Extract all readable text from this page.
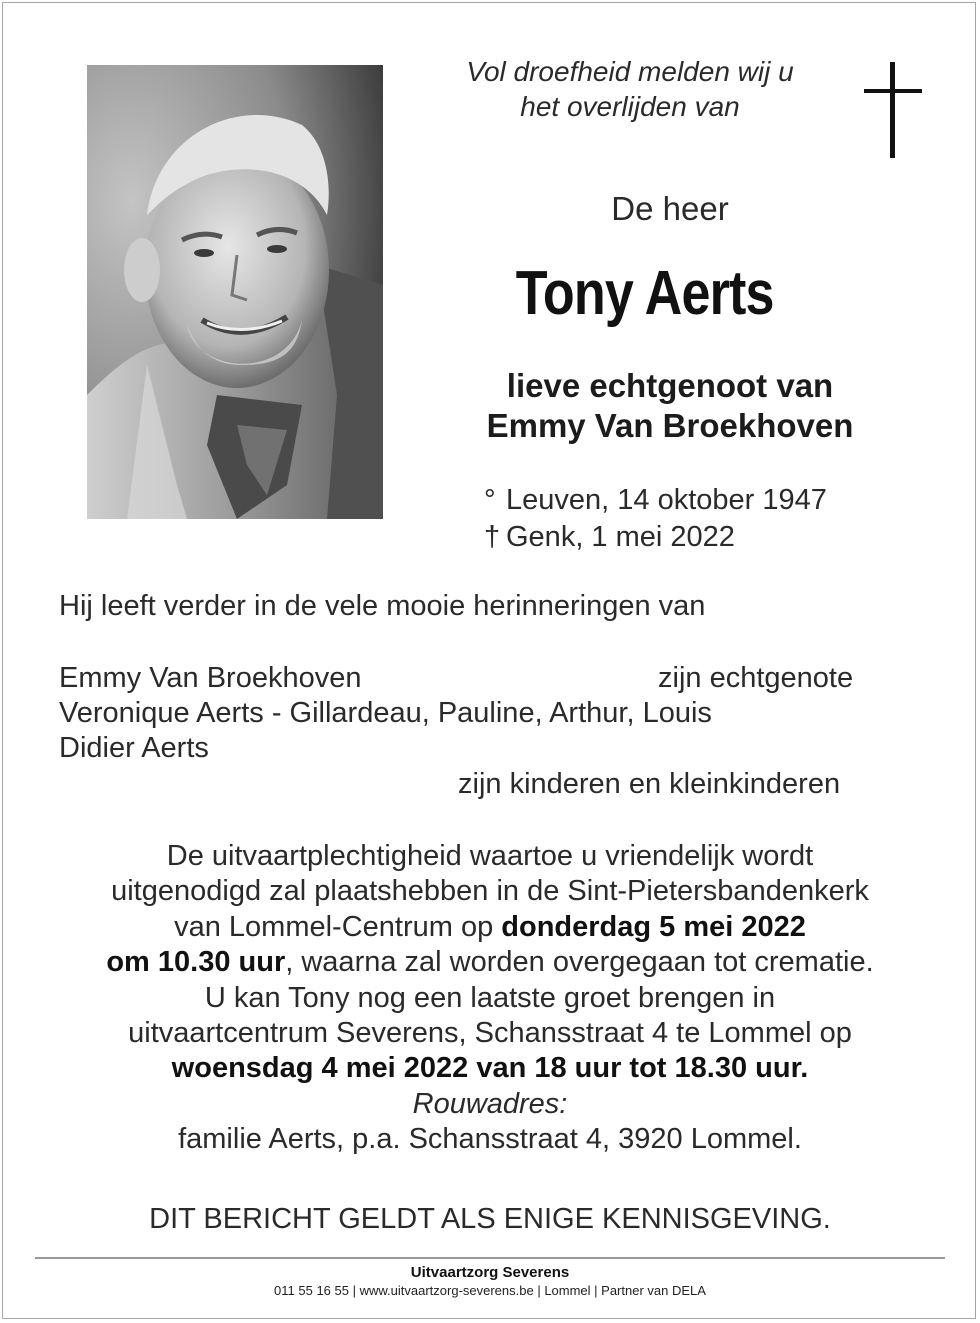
Vol droefheid melden wij u
het overlijden van
De heer
Tony Aerts
lieve echtgenoot van
Emmy Van Broekhoven
° Leuven, 14 oktober 1947
† Genk, 1 mei 2022
Hij leeft verder in de vele mooie herinneringen van
Emmy Van Broekhoven	zijn echtgenote
Veronique Aerts - Gillardeau, Pauline, Arthur, Louis
Didier Aerts
zijn kinderen en kleinkinderen
De uitvaartplechtigheid waartoe u vriendelijk wordt
uitgenodigd zal plaatshebben in de Sint-Pietersbandenkerk
van Lommel-Centrum op donderdag 5 mei 2022
om 10.30 uur, waarna zal worden overgegaan tot crematie.
U kan Tony nog een laatste groet brengen in
uitvaartcentrum Severens, Schansstraat 4 te Lommel op
woensdag 4 mei 2022 van 18 uur tot 18.30 uur.
Rouwadres:
familie Aerts, p.a. Schansstraat 4, 3920 Lommel.
DIT BERICHT GELDT ALS ENIGE KENNISGEVING.
Uitvaartzorg Severens
011 55 16 55 | www.uitvaartzorg-severens.be | Lommel | Partner van DELA
